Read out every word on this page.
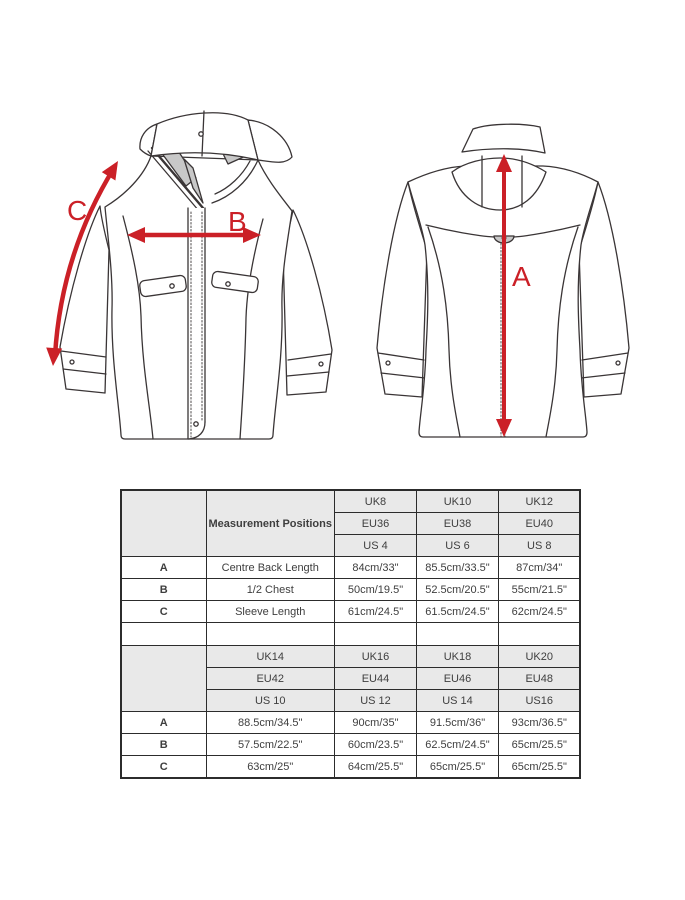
C	B
A
	Measurement Positions	UK8	UK10	UK12
		EU36	EU38	EU40
		US 4	US 6	US 8
A	Centre Back Length	84cm/33"	85.5cm/33.5"	87cm/34"
B	1/2 Chest	50cm/19.5"	52.5cm/20.5"	55cm/21.5"
C	Sleeve Length	61cm/24.5"	61.5cm/24.5"	62cm/24.5"

	UK14	UK16	UK18	UK20
	EU42	EU44	EU46	EU48
	US 10	US 12	US 14	US16
A	88.5cm/34.5"	90cm/35"	91.5cm/36"	93cm/36.5"
B	57.5cm/22.5"	60cm/23.5"	62.5cm/24.5"	65cm/25.5"
C	63cm/25"	64cm/25.5"	65cm/25.5"	65cm/25.5"
